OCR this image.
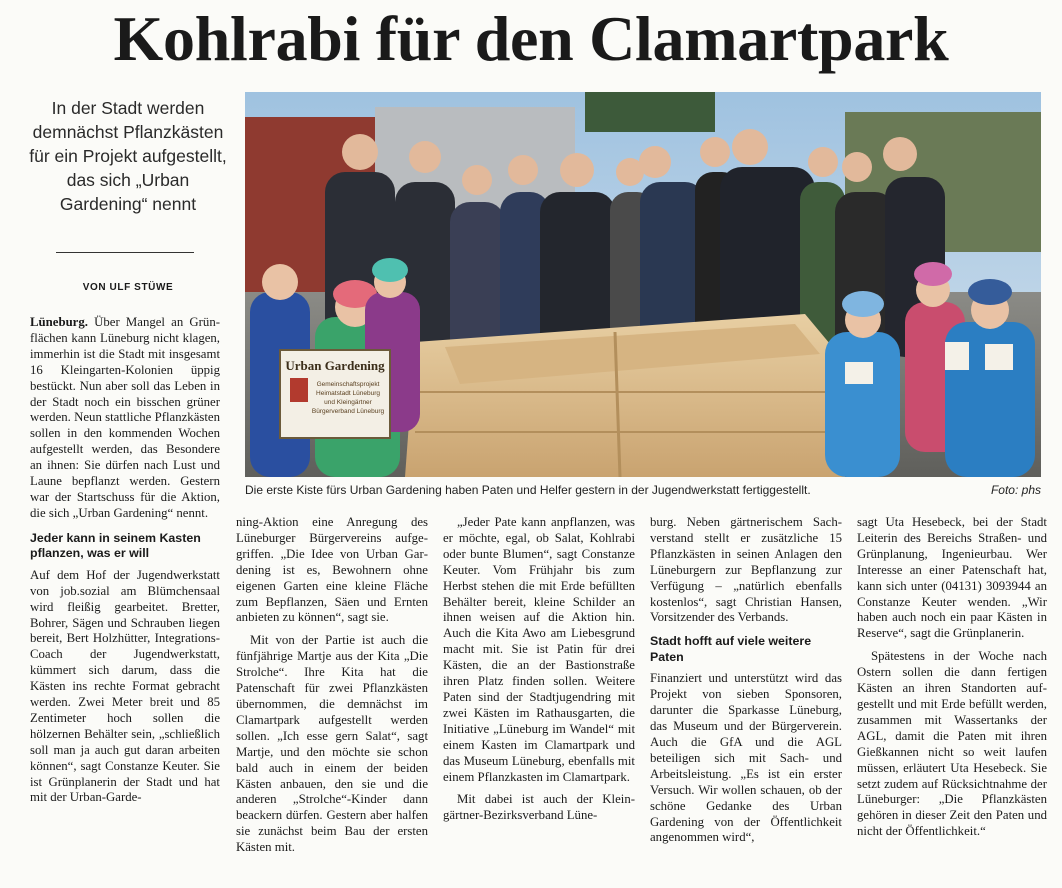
Kohlrabi für den Clamartpark
In der Stadt werden demnächst Pflanzkästen für ein Projekt aufgestellt, das sich „Urban Gardening“ nennt
VON ULF STÜWE
Urban Gardening
Gemeinschaftsprojekt
Heimatstadt Lüneburg
und Kleingärtner
Bürgerverband Lüneburg
Die erste Kiste fürs Urban Gardening haben Paten und Helfer gestern in der Jugendwerkstatt fertiggestellt.	Foto: phs

Lüneburg. Über Mangel an Grünflächen kann Lüneburg nicht klagen, immerhin ist die Stadt mit insgesamt 16 Kleingarten-Kolonien üppig bestückt. Nun aber soll das Leben in der Stadt noch ein bisschen grüner werden. Neun stattliche Pflanzkästen sollen in den kommenden Wochen aufgestellt werden, das Besondere an ihnen: Sie dürfen nach Lust und Laune bepflanzt werden. Gestern war der Startschuss für die Aktion, die sich „Urban Gardening“ nennt.

Jeder kann in seinem Kasten pflanzen, was er will

Auf dem Hof der Jugendwerkstatt von job.sozial am Blümchensaal wird fleißig gearbeitet. Bretter, Bohrer, Sägen und Schrauben liegen bereit, Bert Holzhütter, Integrations-Coach der Jugendwerkstatt, kümmert sich darum, dass die Kästen ins rechte Format gebracht werden. Zwei Meter breit und 85 Zentimeter hoch sollen die hölzernen Behälter sein, „schließlich soll man ja auch gut daran arbeiten können“, sagt Constanze Keuter. Sie ist Grünplanerin der Stadt und hat mit der Urban-Garde-

ning-Aktion eine Anregung des Lüneburger Bürgervereins aufgegriffen. „Die Idee von Urban Gardening ist es, Bewohnern ohne eigenen Garten eine kleine Fläche zum Bepflanzen, Säen und Ernten anbieten zu können“, sagt sie.

Mit von der Partie ist auch die fünfjährige Martje aus der Kita „Die Strolche“. Ihre Kita hat die Patenschaft für zwei Pflanzkästen übernommen, die demnächst im Clamartpark aufgestellt werden sollen. „Ich esse gern Salat“, sagt Martje, und den möchte sie schon bald auch in einem der beiden Kästen anbauen, den sie und die anderen „Strolche“-Kinder dann beackern dürfen. Gestern aber halfen sie zunächst beim Bau der ersten Kästen mit.

„Jeder Pate kann anpflanzen, was er möchte, egal, ob Salat, Kohlrabi oder bunte Blumen“, sagt Constanze Keuter. Vom Frühjahr bis zum Herbst stehen die mit Erde befüllten Behälter bereit, kleine Schilder an ihnen weisen auf die Aktion hin. Auch die Kita Awo am Liebesgrund macht mit. Sie ist Patin für drei Kästen, die an der Bastionstraße ihren Platz finden sollen. Weitere Paten sind der Stadtjugendring mit zwei Kästen im Rathausgarten, die Initiative „Lüneburg im Wandel“ mit einem Kasten im Clamartpark und das Museum Lüneburg, ebenfalls mit einem Pflanzkasten im Clamartpark.

Mit dabei ist auch der Kleingärtner-Bezirksverband Lüne-

burg. Neben gärtnerischem Sachverstand stellt er zusätzliche 15 Pflanzkästen in seinen Anlagen den Lüneburgern zur Bepflanzung zur Verfügung – „natürlich ebenfalls kostenlos“, sagt Christian Hansen, Vorsitzender des Verbands.

Stadt hofft auf viele weitere Paten

Finanziert und unterstützt wird das Projekt von sieben Sponsoren, darunter die Sparkasse Lüneburg, das Museum und der Bürgerverein. Auch die GfA und die AGL beteiligen sich mit Sach- und Arbeitsleistung. „Es ist ein erster Versuch. Wir wollen schauen, ob der schöne Gedanke des Urban Gardening von der Öffentlichkeit angenommen wird“,

sagt Uta Hesebeck, bei der Stadt Leiterin des Bereichs Straßen- und Grünplanung, Ingenieurbau. Wer Interesse an einer Patenschaft hat, kann sich unter (04131) 3093944 an Constanze Keuter wenden. „Wir haben auch noch ein paar Kästen in Reserve“, sagt die Grünplanerin.

Spätestens in der Woche nach Ostern sollen die dann fertigen Kästen an ihren Standorten aufgestellt und mit Erde befüllt werden, zusammen mit Wassertanks der AGL, damit die Paten mit ihren Gießkannen nicht so weit laufen müssen, erläutert Uta Hesebeck. Sie setzt zudem auf Rücksichtnahme der Lüneburger: „Die Pflanzkästen gehören in dieser Zeit den Paten und nicht der Öffentlichkeit.“
